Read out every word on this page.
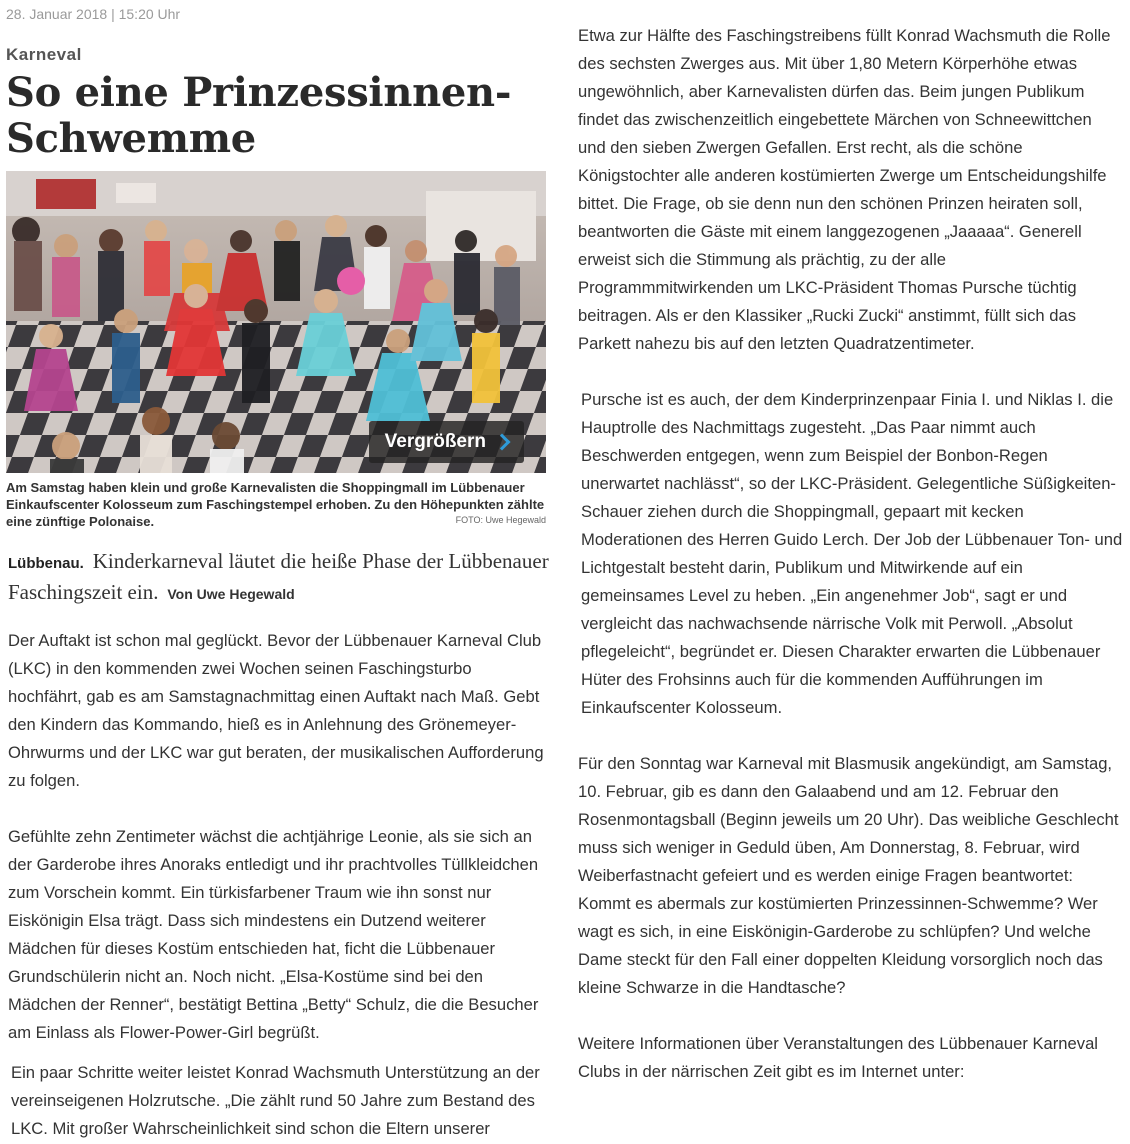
28. Januar 2018 | 15:20 Uhr
Karneval
So eine Prinzessinnen-
Schwemme
Vergrößern
Am Samstag haben klein und große Karnevalisten die Shoppingmall im Lübbenauer Einkaufscenter Kolosseum zum Faschingstempel erhoben. Zu den Höhepunkten zählte eine zünftige Polonaise.	FOTO: Uwe Hegewald
Lübbenau. Kinderkarneval läutet die heiße Phase der Lübbenauer Faschingszeit ein. Von Uwe Hegewald

Der Auftakt ist schon mal geglückt. Bevor der Lübbenauer Karneval Club (LKC) in den kommenden zwei Wochen seinen Faschingsturbo hochfährt, gab es am Samstagnachmittag einen Auftakt nach Maß. Gebt den Kindern das Kommando, hieß es in Anlehnung des Grönemeyer-Ohrwurms und der LKC war gut beraten, der musikalischen Aufforderung zu folgen.

Gefühlte zehn Zentimeter wächst die achtjährige Leonie, als sie sich an der Garderobe ihres Anoraks entledigt und ihr prachtvolles Tüllkleidchen zum Vorschein kommt. Ein türkisfarbener Traum wie ihn sonst nur Eiskönigin Elsa trägt. Dass sich mindestens ein Dutzend weiterer Mädchen für dieses Kostüm entschieden hat, ficht die Lübbenauer Grundschülerin nicht an. Noch nicht. „Elsa-Kostüme sind bei den Mädchen der Renner“, bestätigt Bettina „Betty“ Schulz, die die Besucher am Einlass als Flower-Power-Girl begrüßt.

Ein paar Schritte weiter leistet Konrad Wachsmuth Unterstützung an der vereinseigenen Holzrutsche. „Die zählt rund 50 Jahre zum Bestand des LKC. Mit großer Wahrscheinlichkeit sind schon die Eltern unserer

Etwa zur Hälfte des Faschingstreibens füllt Konrad Wachsmuth die Rolle des sechsten Zwerges aus. Mit über 1,80 Metern Körperhöhe etwas ungewöhnlich, aber Karnevalisten dürfen das. Beim jungen Publikum findet das zwischenzeitlich eingebettete Märchen von Schneewittchen und den sieben Zwergen Gefallen. Erst recht, als die schöne Königstochter alle anderen kostümierten Zwerge um Entscheidungshilfe bittet. Die Frage, ob sie denn nun den schönen Prinzen heiraten soll, beantworten die Gäste mit einem langgezogenen „Jaaaaa“. Generell erweist sich die Stimmung als prächtig, zu der alle Programmmitwirkenden um LKC-Präsident Thomas Pursche tüchtig beitragen. Als er den Klassiker „Rucki Zucki“ anstimmt, füllt sich das Parkett nahezu bis auf den letzten Quadratzentimeter.

Pursche ist es auch, der dem Kinderprinzenpaar Finia I. und Niklas I. die Hauptrolle des Nachmittags zugesteht. „Das Paar nimmt auch Beschwerden entgegen, wenn zum Beispiel der Bonbon-Regen unerwartet nachlässt“, so der LKC-Präsident. Gelegentliche Süßigkeiten-Schauer ziehen durch die Shoppingmall, gepaart mit kecken Moderationen des Herren Guido Lerch. Der Job der Lübbenauer Ton- und Lichtgestalt besteht darin, Publikum und Mitwirkende auf ein gemeinsames Level zu heben. „Ein angenehmer Job“, sagt er und vergleicht das nachwachsende närrische Volk mit Perwoll. „Absolut pflegeleicht“, begründet er. Diesen Charakter erwarten die Lübbenauer Hüter des Frohsinns auch für die kommenden Aufführungen im Einkaufscenter Kolosseum.

Für den Sonntag war Karneval mit Blasmusik angekündigt, am Samstag, 10. Februar, gib es dann den Galaabend und am 12. Februar den Rosenmontagsball (Beginn jeweils um 20 Uhr). Das weibliche Geschlecht muss sich weniger in Geduld üben, Am Donnerstag, 8. Februar, wird Weiberfastnacht gefeiert und es werden einige Fragen beantwortet: Kommt es abermals zur kostümierten Prinzessinnen-Schwemme? Wer wagt es sich, in eine Eiskönigin-Garderobe zu schlüpfen? Und welche Dame steckt für den Fall einer doppelten Kleidung vorsorglich noch das kleine Schwarze in die Handtasche?

Weitere Informationen über Veranstaltungen des Lübbenauer Karneval Clubs in der närrischen Zeit gibt es im Internet unter:
